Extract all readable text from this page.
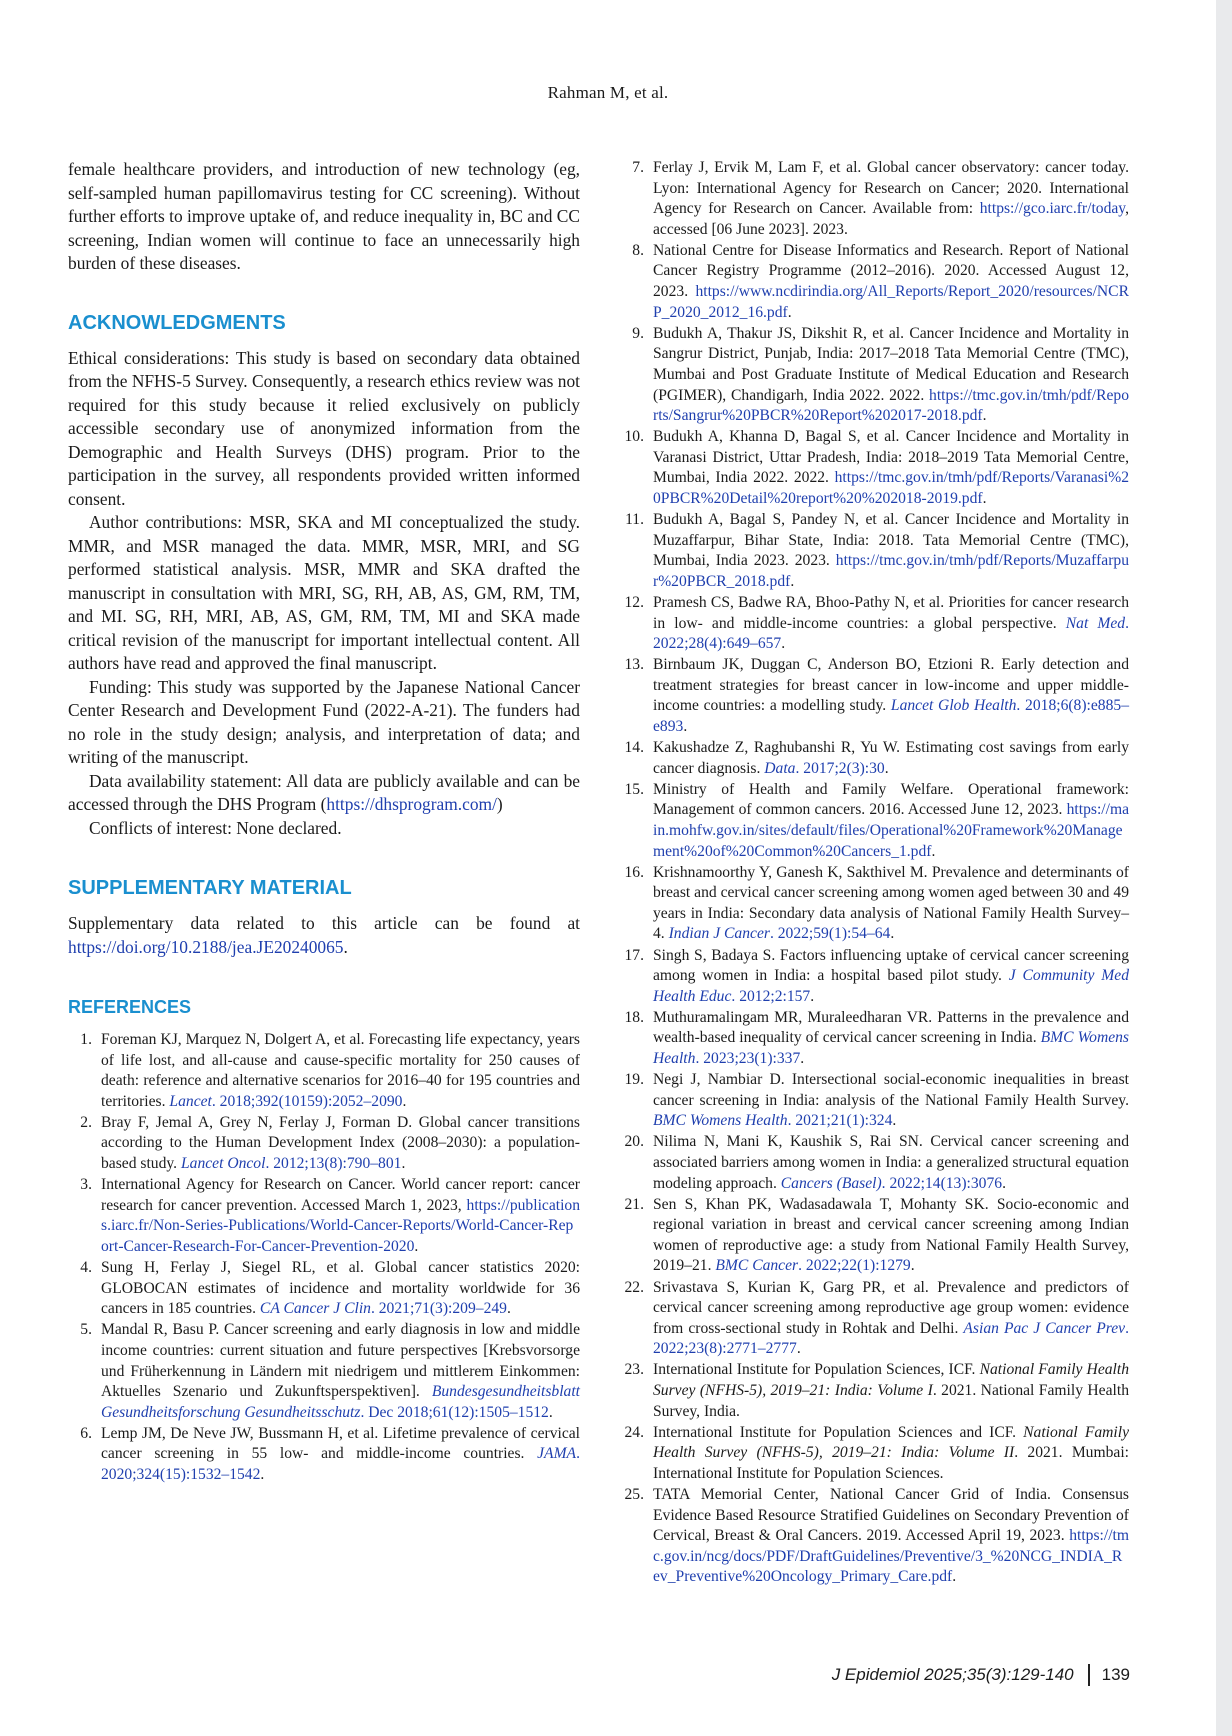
Rahman M, et al.

female healthcare providers, and introduction of new technology (eg, self-sampled human papillomavirus testing for CC screening). Without further efforts to improve uptake of, and reduce inequality in, BC and CC screening, Indian women will continue to face an unnecessarily high burden of these diseases.

ACKNOWLEDGMENTS

Ethical considerations: This study is based on secondary data obtained from the NFHS-5 Survey. Consequently, a research ethics review was not required for this study because it relied exclusively on publicly accessible secondary use of anonymized information from the Demographic and Health Surveys (DHS) program. Prior to the participation in the survey, all respondents provided written informed consent.

Author contributions: MSR, SKA and MI conceptualized the study. MMR, and MSR managed the data. MMR, MSR, MRI, and SG performed statistical analysis. MSR, MMR and SKA drafted the manuscript in consultation with MRI, SG, RH, AB, AS, GM, RM, TM, and MI. SG, RH, MRI, AB, AS, GM, RM, TM, MI and SKA made critical revision of the manuscript for important intellectual content. All authors have read and approved the final manuscript.

Funding: This study was supported by the Japanese National Cancer Center Research and Development Fund (2022-A-21). The funders had no role in the study design; analysis, and interpretation of data; and writing of the manuscript.

Data availability statement: All data are publicly available and can be accessed through the DHS Program (https://dhsprogram.com/)

Conflicts of interest: None declared.

SUPPLEMENTARY MATERIAL

Supplementary data related to this article can be found at https://doi.org/10.2188/jea.JE20240065.

REFERENCES
1. Foreman KJ, Marquez N, Dolgert A, et al. Forecasting life expectancy, years of life lost, and all-cause and cause-specific mortality for 250 causes of death: reference and alternative scenarios for 2016–40 for 195 countries and territories. Lancet. 2018;392(10159):2052–2090.
2. Bray F, Jemal A, Grey N, Ferlay J, Forman D. Global cancer transitions according to the Human Development Index (2008–2030): a population-based study. Lancet Oncol. 2012;13(8):790–801.
3. International Agency for Research on Cancer. World cancer report: cancer research for cancer prevention. Accessed March 1, 2023, https://publications.iarc.fr/Non-Series-Publications/World-Cancer-Reports/World-Cancer-Report-Cancer-Research-For-Cancer-Prevention-2020.
4. Sung H, Ferlay J, Siegel RL, et al. Global cancer statistics 2020: GLOBOCAN estimates of incidence and mortality worldwide for 36 cancers in 185 countries. CA Cancer J Clin. 2021;71(3):209–249.
5. Mandal R, Basu P. Cancer screening and early diagnosis in low and middle income countries: current situation and future perspectives [Krebsvorsorge und Früherkennung in Ländern mit niedrigem und mittlerem Einkommen: Aktuelles Szenario und Zukunftsperspektiven]. Bundesgesundheitsblatt Gesundheitsforschung Gesundheitsschutz. Dec 2018;61(12):1505–1512.
6. Lemp JM, De Neve JW, Bussmann H, et al. Lifetime prevalence of cervical cancer screening in 55 low- and middle-income countries. JAMA. 2020;324(15):1532–1542.
7. Ferlay J, Ervik M, Lam F, et al. Global cancer observatory: cancer today. Lyon: International Agency for Research on Cancer; 2020. International Agency for Research on Cancer. Available from: https://gco.iarc.fr/today, accessed [06 June 2023]. 2023.
8. National Centre for Disease Informatics and Research. Report of National Cancer Registry Programme (2012–2016). 2020. Accessed August 12, 2023. https://www.ncdirindia.org/All_Reports/Report_2020/resources/NCRP_2020_2012_16.pdf.
9. Budukh A, Thakur JS, Dikshit R, et al. Cancer Incidence and Mortality in Sangrur District, Punjab, India: 2017–2018 Tata Memorial Centre (TMC), Mumbai and Post Graduate Institute of Medical Education and Research (PGIMER), Chandigarh, India 2022. 2022. https://tmc.gov.in/tmh/pdf/Reports/Sangrur%20PBCR%20Report%202017-2018.pdf.
10. Budukh A, Khanna D, Bagal S, et al. Cancer Incidence and Mortality in Varanasi District, Uttar Pradesh, India: 2018–2019 Tata Memorial Centre, Mumbai, India 2022. 2022. https://tmc.gov.in/tmh/pdf/Reports/Varanasi%20PBCR%20Detail%20report%20%202018-2019.pdf.
11. Budukh A, Bagal S, Pandey N, et al. Cancer Incidence and Mortality in Muzaffarpur, Bihar State, India: 2018. Tata Memorial Centre (TMC), Mumbai, India 2023. 2023. https://tmc.gov.in/tmh/pdf/Reports/Muzaffarpur%20PBCR_2018.pdf.
12. Pramesh CS, Badwe RA, Bhoo-Pathy N, et al. Priorities for cancer research in low- and middle-income countries: a global perspective. Nat Med. 2022;28(4):649–657.
13. Birnbaum JK, Duggan C, Anderson BO, Etzioni R. Early detection and treatment strategies for breast cancer in low-income and upper middle-income countries: a modelling study. Lancet Glob Health. 2018;6(8):e885–e893.
14. Kakushadze Z, Raghubanshi R, Yu W. Estimating cost savings from early cancer diagnosis. Data. 2017;2(3):30.
15. Ministry of Health and Family Welfare. Operational framework: Management of common cancers. 2016. Accessed June 12, 2023. https://main.mohfw.gov.in/sites/default/files/Operational%20Framework%20Management%20of%20Common%20Cancers_1.pdf.
16. Krishnamoorthy Y, Ganesh K, Sakthivel M. Prevalence and determinants of breast and cervical cancer screening among women aged between 30 and 49 years in India: Secondary data analysis of National Family Health Survey–4. Indian J Cancer. 2022;59(1):54–64.
17. Singh S, Badaya S. Factors influencing uptake of cervical cancer screening among women in India: a hospital based pilot study. J Community Med Health Educ. 2012;2:157.
18. Muthuramalingam MR, Muraleedharan VR. Patterns in the prevalence and wealth-based inequality of cervical cancer screening in India. BMC Womens Health. 2023;23(1):337.
19. Negi J, Nambiar D. Intersectional social-economic inequalities in breast cancer screening in India: analysis of the National Family Health Survey. BMC Womens Health. 2021;21(1):324.
20. Nilima N, Mani K, Kaushik S, Rai SN. Cervical cancer screening and associated barriers among women in India: a generalized structural equation modeling approach. Cancers (Basel). 2022;14(13):3076.
21. Sen S, Khan PK, Wadasadawala T, Mohanty SK. Socio-economic and regional variation in breast and cervical cancer screening among Indian women of reproductive age: a study from National Family Health Survey, 2019–21. BMC Cancer. 2022;22(1):1279.
22. Srivastava S, Kurian K, Garg PR, et al. Prevalence and predictors of cervical cancer screening among reproductive age group women: evidence from cross-sectional study in Rohtak and Delhi. Asian Pac J Cancer Prev. 2022;23(8):2771–2777.
23. International Institute for Population Sciences, ICF. National Family Health Survey (NFHS-5), 2019–21: India: Volume I. 2021. National Family Health Survey, India.
24. International Institute for Population Sciences and ICF. National Family Health Survey (NFHS-5), 2019–21: India: Volume II. 2021. Mumbai: International Institute for Population Sciences.
25. TATA Memorial Center, National Cancer Grid of India. Consensus Evidence Based Resource Stratified Guidelines on Secondary Prevention of Cervical, Breast & Oral Cancers. 2019. Accessed April 19, 2023. https://tmc.gov.in/ncg/docs/PDF/DraftGuidelines/Preventive/3_%20NCG_INDIA_Rev_Preventive%20Oncology_Primary_Care.pdf.
J Epidemiol 2025;35(3):129-140 139
